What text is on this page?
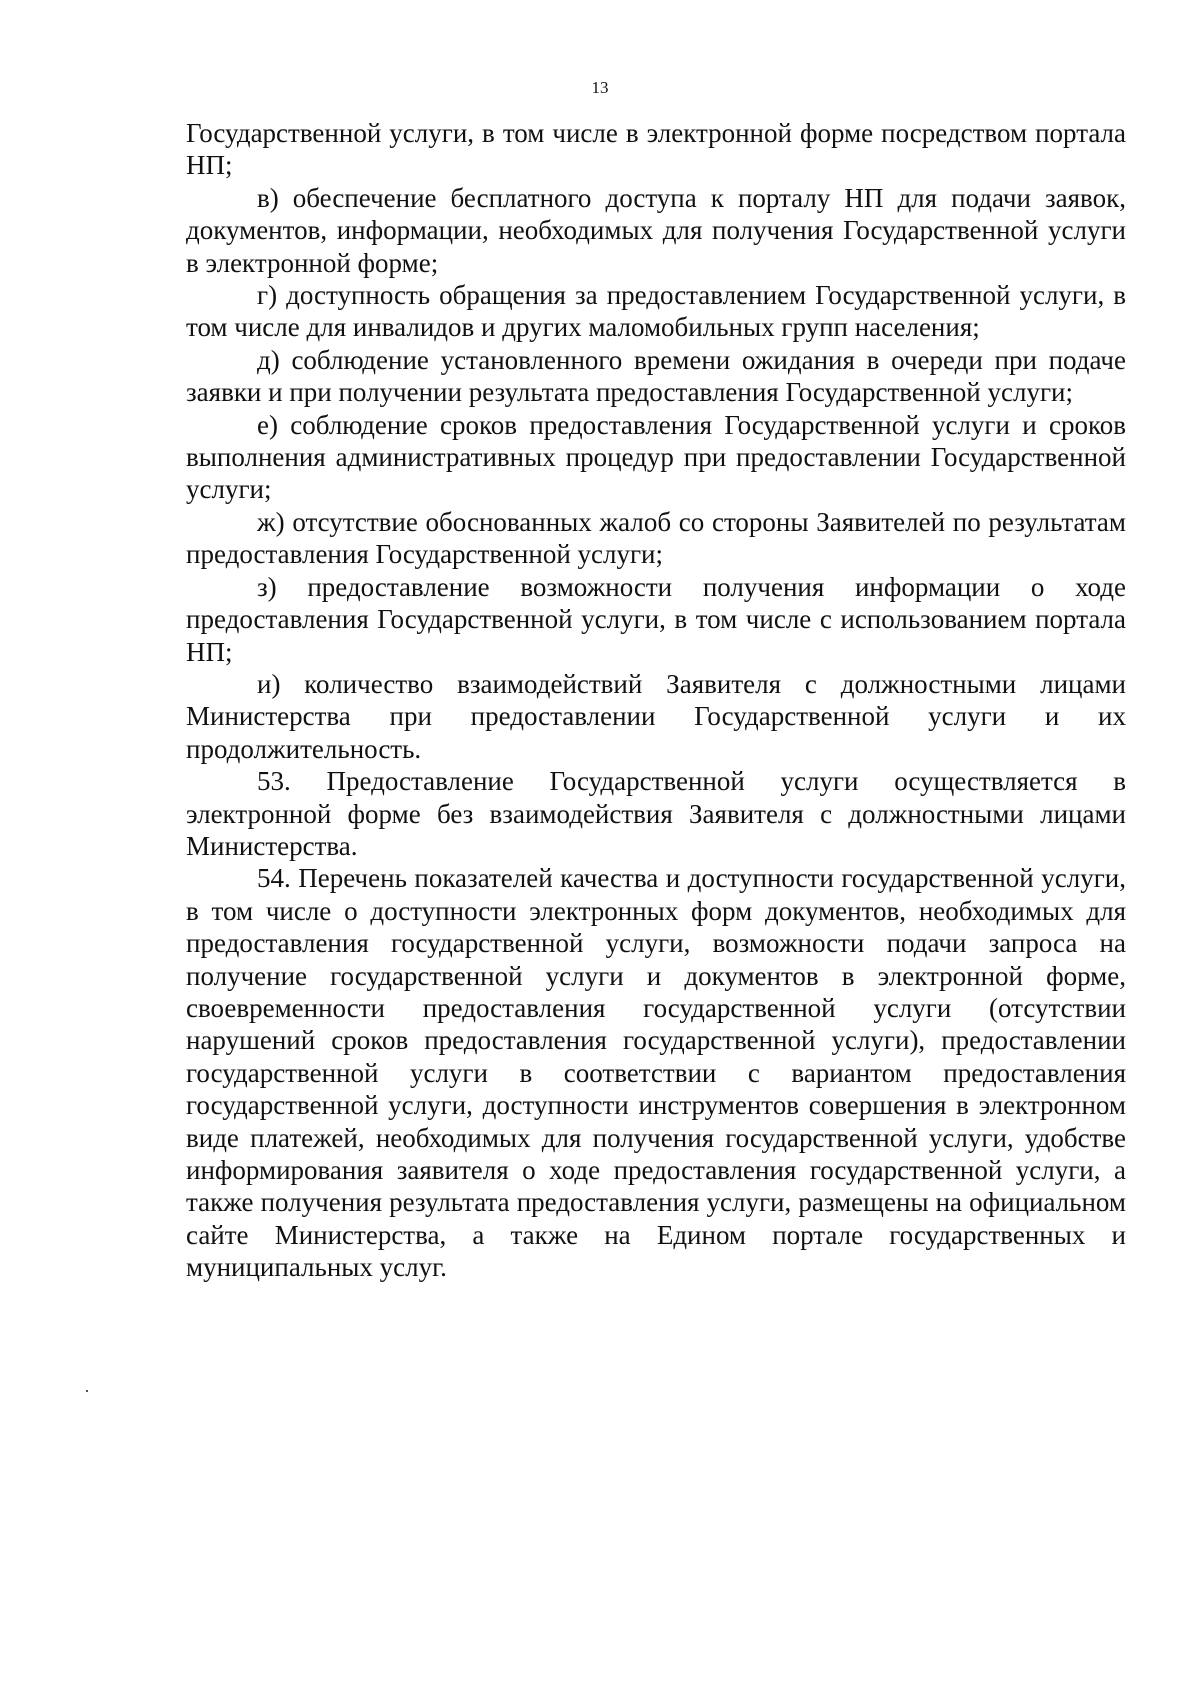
13

Государственной услуги, в том числе в электронной форме посредством портала НП;

в) обеспечение бесплатного доступа к порталу НП для подачи заявок, документов, информации, необходимых для получения Государственной услуги в электронной форме;

г) доступность обращения за предоставлением Государственной услуги, в том числе для инвалидов и других маломобильных групп населения;

д) соблюдение установленного времени ожидания в очереди при подаче заявки и при получении результата предоставления Государственной услуги;

е) соблюдение сроков предоставления Государственной услуги и сроков выполнения административных процедур при предоставлении Государственной услуги;

ж) отсутствие обоснованных жалоб со стороны Заявителей по результатам предоставления Государственной услуги;

з) предоставление возможности получения информации о ходе предоставления Государственной услуги, в том числе с использованием портала НП;

и) количество взаимодействий Заявителя с должностными лицами Министерства при предоставлении Государственной услуги и их продолжительность.

53. Предоставление Государственной услуги осуществляется в электронной форме без взаимодействия Заявителя с должностными лицами Министерства.

54. Перечень показателей качества и доступности государственной услуги, в том числе о доступности электронных форм документов, необходимых для предоставления государственной услуги, возможности подачи запроса на получение государственной услуги и документов в электронной форме, своевременности предоставления государственной услуги (отсутствии нарушений сроков предоставления государственной услуги), предоставлении государственной услуги в соответствии с вариантом предоставления государственной услуги, доступности инструментов совершения в электронном виде платежей, необходимых для получения государственной услуги, удобстве информирования заявителя о ходе предоставления государственной услуги, а также получения результата предоставления услуги, размещены на официальном сайте Министерства, а также на Едином портале государственных и муниципальных услуг.
